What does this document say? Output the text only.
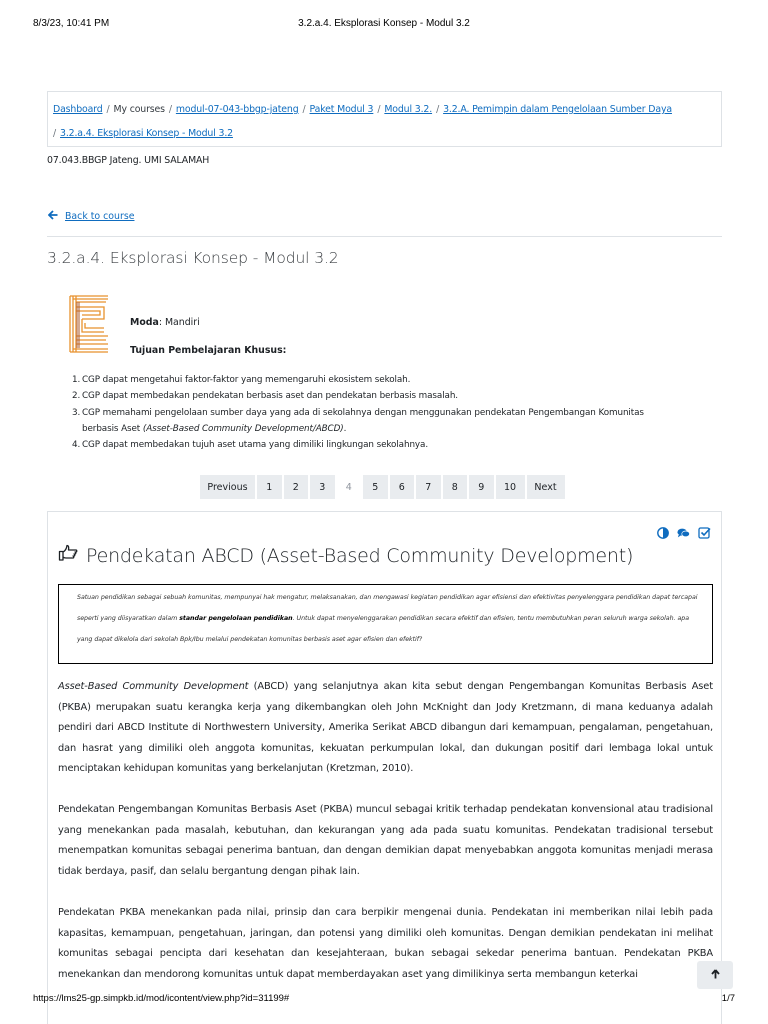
8/3/23, 10:41 PM	3.2.a.4. Eksplorasi Konsep - Modul 3.2
Dashboard / My courses / modul-07-043-bbgp-jateng / Paket Modul 3 / Modul 3.2. / 3.2.A. Pemimpin dalam Pengelolaan Sumber Daya
/ 3.2.a.4. Eksplorasi Konsep - Modul 3.2
07.043.BBGP Jateng. UMI SALAMAH
Back to course
3.2.a.4. Eksplorasi Konsep - Modul 3.2
Moda: Mandiri
Tujuan Pembelajaran Khusus:
1. CGP dapat mengetahui faktor-faktor yang memengaruhi ekosistem sekolah.
2. CGP dapat membedakan pendekatan berbasis aset dan pendekatan berbasis masalah.
3. CGP memahami pengelolaan sumber daya yang ada di sekolahnya dengan menggunakan pendekatan Pengembangan Komunitas
berbasis Aset (Asset-Based Community Development/ABCD).
4. CGP dapat membedakan tujuh aset utama yang dimiliki lingkungan sekolahnya.
Previous	1	2	3	4	5	6	7	8	9	10	Next
Pendekatan ABCD (Asset-Based Community Development)
Satuan pendidikan sebagai sebuah komunitas, mempunyai hak mengatur, melaksanakan, dan mengawasi kegiatan pendidikan agar efisiensi dan efektivitas penyelenggara pendidikan dapat tercapai seperti yang diisyaratkan dalam standar pengelolaan pendidikan. Untuk dapat menyelenggarakan pendidikan secara efektif dan efisien, tentu membutuhkan peran seluruh warga sekolah. apa yang dapat dikelola dari sekolah Bpk/Ibu melalui pendekatan komunitas berbasis aset agar efisien dan efektif?

Asset-Based Community Development (ABCD) yang selanjutnya akan kita sebut dengan Pengembangan Komunitas Berbasis Aset (PKBA) merupakan suatu kerangka kerja yang dikembangkan oleh John McKnight dan Jody Kretzmann, di mana keduanya adalah pendiri dari ABCD Institute di Northwestern University, Amerika Serikat ABCD dibangun dari kemampuan, pengalaman, pengetahuan, dan hasrat yang dimiliki oleh anggota komunitas, kekuatan perkumpulan lokal, dan dukungan positif dari lembaga lokal untuk menciptakan kehidupan komunitas yang berkelanjutan (Kretzman, 2010).

Pendekatan Pengembangan Komunitas Berbasis Aset (PKBA) muncul sebagai kritik terhadap pendekatan konvensional atau tradisional yang menekankan pada masalah, kebutuhan, dan kekurangan yang ada pada suatu komunitas. Pendekatan tradisional tersebut menempatkan komunitas sebagai penerima bantuan, dan dengan demikian dapat menyebabkan anggota komunitas menjadi merasa tidak berdaya, pasif, dan selalu bergantung dengan pihak lain.

Pendekatan PKBA menekankan pada nilai, prinsip dan cara berpikir mengenai dunia. Pendekatan ini memberikan nilai lebih pada kapasitas, kemampuan, pengetahuan, jaringan, dan potensi yang dimiliki oleh komunitas. Dengan demikian pendekatan ini melihat komunitas sebagai pencipta dari kesehatan dan kesejahteraan, bukan sebagai sekedar penerima bantuan. Pendekatan PKBA menekankan dan mendorong komunitas untuk dapat memberdayakan aset yang dimilikinya serta membangun keterkai

https://lms25-gp.simpkb.id/mod/icontent/view.php?id=31199#	1/7
